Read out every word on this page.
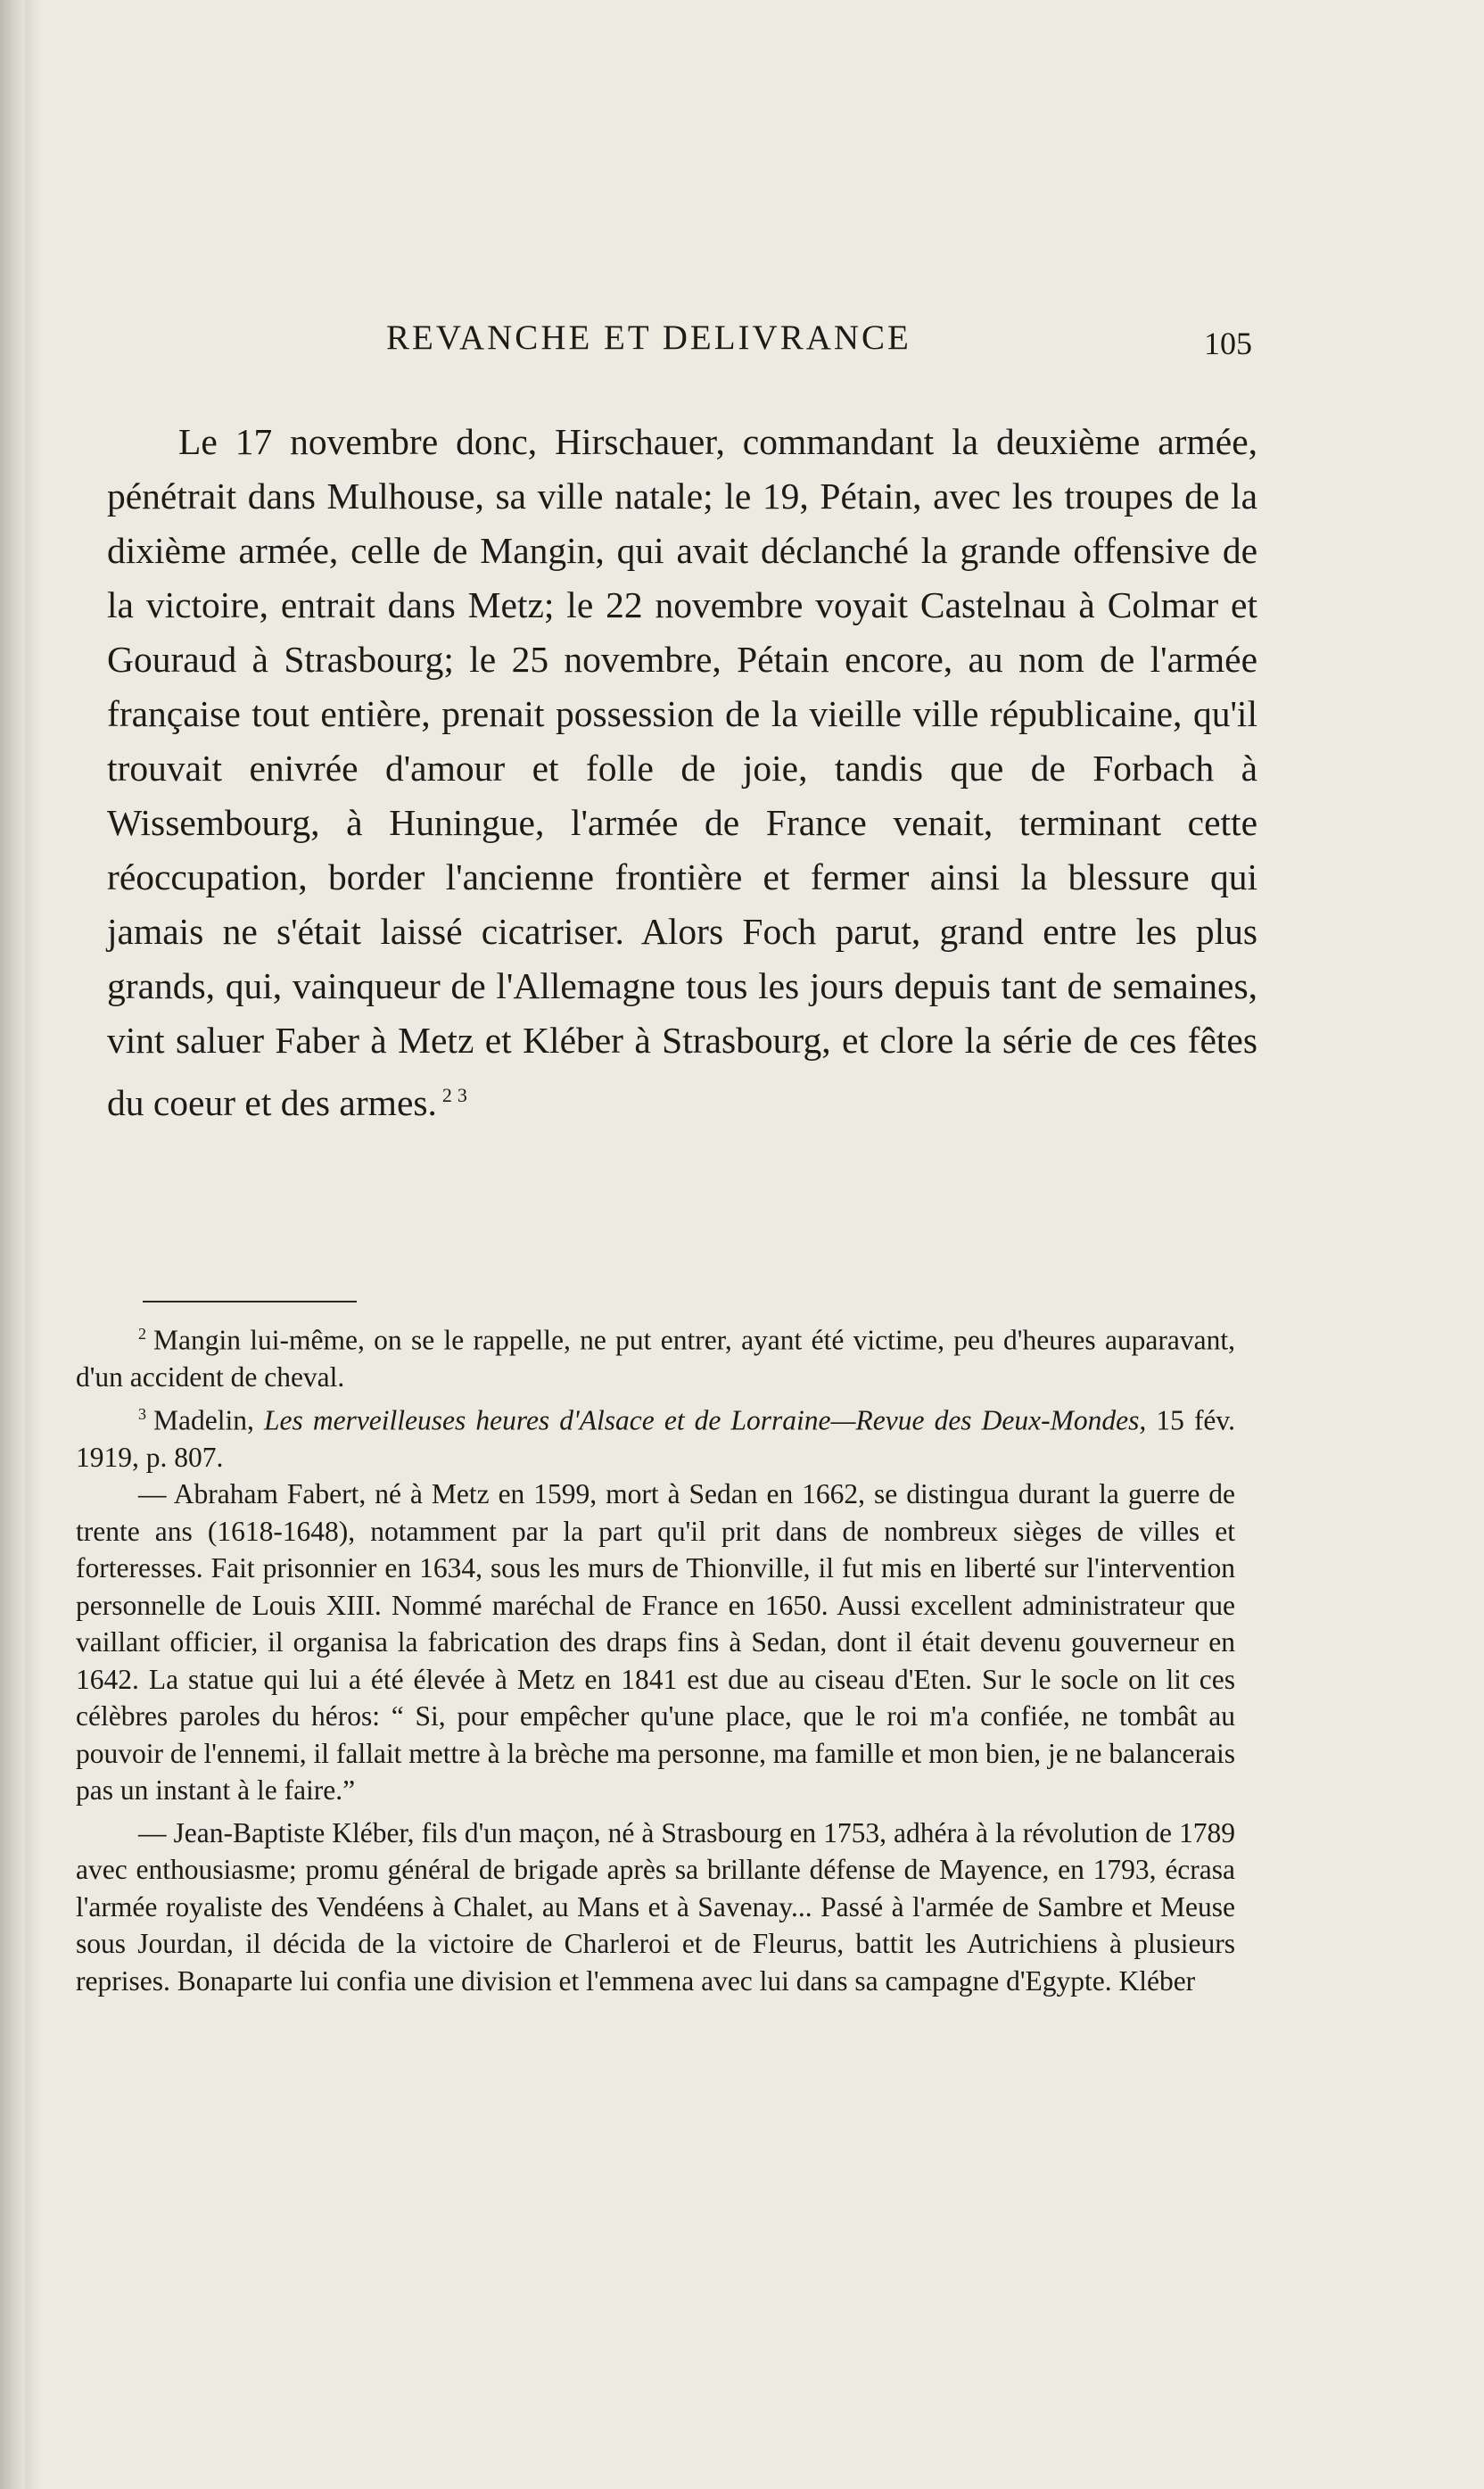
REVANCHE ET DELIVRANCE	105

Le 17 novembre donc, Hirschauer, commandant la deuxième armée, pénétrait dans Mulhouse, sa ville natale; le 19, Pétain, avec les troupes de la dixième armée, celle de Mangin, qui avait déclanché la grande offensive de la victoire, entrait dans Metz; le 22 novembre voyait Castelnau à Colmar et Gouraud à Strasbourg; le 25 novembre, Pétain encore, au nom de l'armée française tout entière, prenait possession de la vieille ville républicaine, qu'il trouvait enivrée d'amour et folle de joie, tandis que de Forbach à Wissembourg, à Huningue, l'armée de France venait, terminant cette réoccupation, border l'ancienne frontière et fermer ainsi la blessure qui jamais ne s'était laissé cicatriser. Alors Foch parut, grand entre les plus grands, qui, vainqueur de l'Allemagne tous les jours depuis tant de semaines, vint saluer Faber à Metz et Kléber à Strasbourg, et clore la série de ces fêtes du coeur et des armes. $^2$ $^3$

$^2$ Mangin lui-même, on se le rappelle, ne put entrer, ayant été victime, peu d'heures auparavant, d'un accident de cheval.

$^3$ Madelin, Les merveilleuses heures d'Alsace et de Lorraine—Revue des Deux-Mondes, 15 fév. 1919, p. 807.

— Abraham Fabert, né à Metz en 1599, mort à Sedan en 1662, se distingua durant la guerre de trente ans (1618-1648), notamment par la part qu'il prit dans de nombreux sièges de villes et forteresses. Fait prisonnier en 1634, sous les murs de Thionville, il fut mis en liberté sur l'intervention personnelle de Louis XIII. Nommé maréchal de France en 1650. Aussi excellent administrateur que vaillant officier, il organisa la fabrication des draps fins à Sedan, dont il était devenu gouverneur en 1642. La statue qui lui a été élevée à Metz en 1841 est due au ciseau d'Eten. Sur le socle on lit ces célèbres paroles du héros: “ Si, pour empêcher qu'une place, que le roi m'a confiée, ne tombât au pouvoir de l'ennemi, il fallait mettre à la brèche ma personne, ma famille et mon bien, je ne balancerais pas un instant à le faire.”

— Jean-Baptiste Kléber, fils d'un maçon, né à Strasbourg en 1753, adhéra à la révolution de 1789 avec enthousiasme; promu général de brigade après sa brillante défense de Mayence, en 1793, écrasa l'armée royaliste des Vendéens à Chalet, au Mans et à Savenay... Passé à l'armée de Sambre et Meuse sous Jourdan, il décida de la victoire de Charleroi et de Fleurus, battit les Autrichiens à plusieurs reprises. Bonaparte lui confia une division et l'emmena avec lui dans sa campagne d'Egypte. Kléber
